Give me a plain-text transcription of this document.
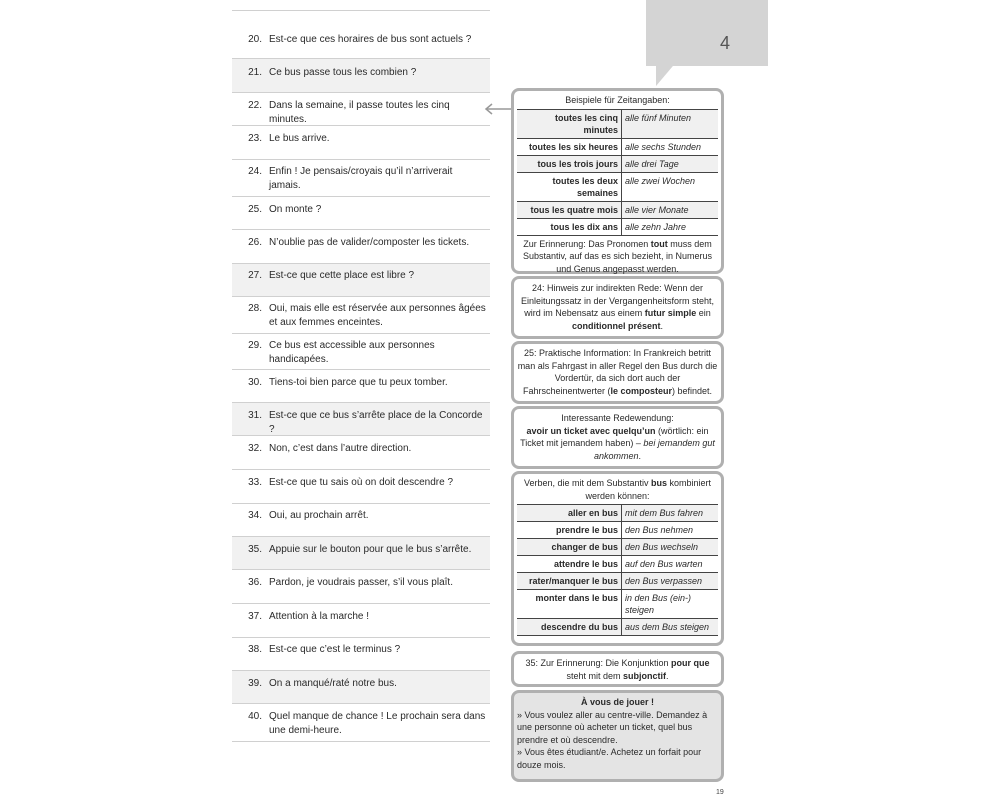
4
20. Est-ce que ces horaires de bus sont actuels ?
21. Ce bus passe tous les combien ?
22. Dans la semaine, il passe toutes les cinq minutes.
23. Le bus arrive.
24. Enfin ! Je pensais/croyais qu’il n’arriverait jamais.
25. On monte ?
26. N’oublie pas de valider/composter les tickets.
27. Est-ce que cette place est libre ?
28. Oui, mais elle est réservée aux personnes âgées et aux femmes enceintes.
29. Ce bus est accessible aux personnes handicapées.
30. Tiens-toi bien parce que tu peux tomber.
31. Est-ce que ce bus s’arrête place de la Concorde ?
32. Non, c’est dans l’autre direction.
33. Est-ce que tu sais où on doit descendre ?
34. Oui, au prochain arrêt.
35. Appuie sur le bouton pour que le bus s’arrête.
36. Pardon, je voudrais passer, s’il vous plaît.
37. Attention à la marche !
38. Est-ce que c’est le terminus ?
39. On a manqué/raté notre bus.
40. Quel manque de chance ! Le prochain sera dans une demi-heure.
Beispiele für Zeitangaben:
toutes les cinq minutes	alle fünf Minuten
toutes les six heures	alle sechs Stunden
tous les trois jours	alle drei Tage
toutes les deux semaines	alle zwei Wochen
tous les quatre mois	alle vier Monate
tous les dix ans	alle zehn Jahre
Zur Erinnerung: Das Pronomen tout muss dem Substantiv, auf das es sich bezieht, in Numerus und Genus angepasst werden.
24: Hinweis zur indirekten Rede: Wenn der Einleitungssatz in der Vergangenheitsform steht, wird im Nebensatz aus einem futur simple ein conditionnel présent.
25: Praktische Information: In Frankreich betritt man als Fahrgast in aller Regel den Bus durch die Vordertür, da sich dort auch der Fahrscheinentwerter (le composteur) befindet.
Interessante Redewendung:
avoir un ticket avec quelqu’un (wörtlich: ein Ticket mit jemandem haben) – bei jemandem gut ankommen.
Verben, die mit dem Substantiv bus kombiniert werden können:
aller en bus	mit dem Bus fahren
prendre le bus	den Bus nehmen
changer de bus	den Bus wechseln
attendre le bus	auf den Bus warten
rater/manquer le bus	den Bus verpassen
monter dans le bus	in den Bus (ein-) steigen
descendre du bus	aus dem Bus steigen
35: Zur Erinnerung: Die Konjunktion pour que steht mit dem subjonctif.
À vous de jouer !
» Vous voulez aller au centre-ville. Demandez à une personne où acheter un ticket, quel bus prendre et où descendre.
» Vous êtes étudiant/e. Achetez un forfait pour douze mois.
19
